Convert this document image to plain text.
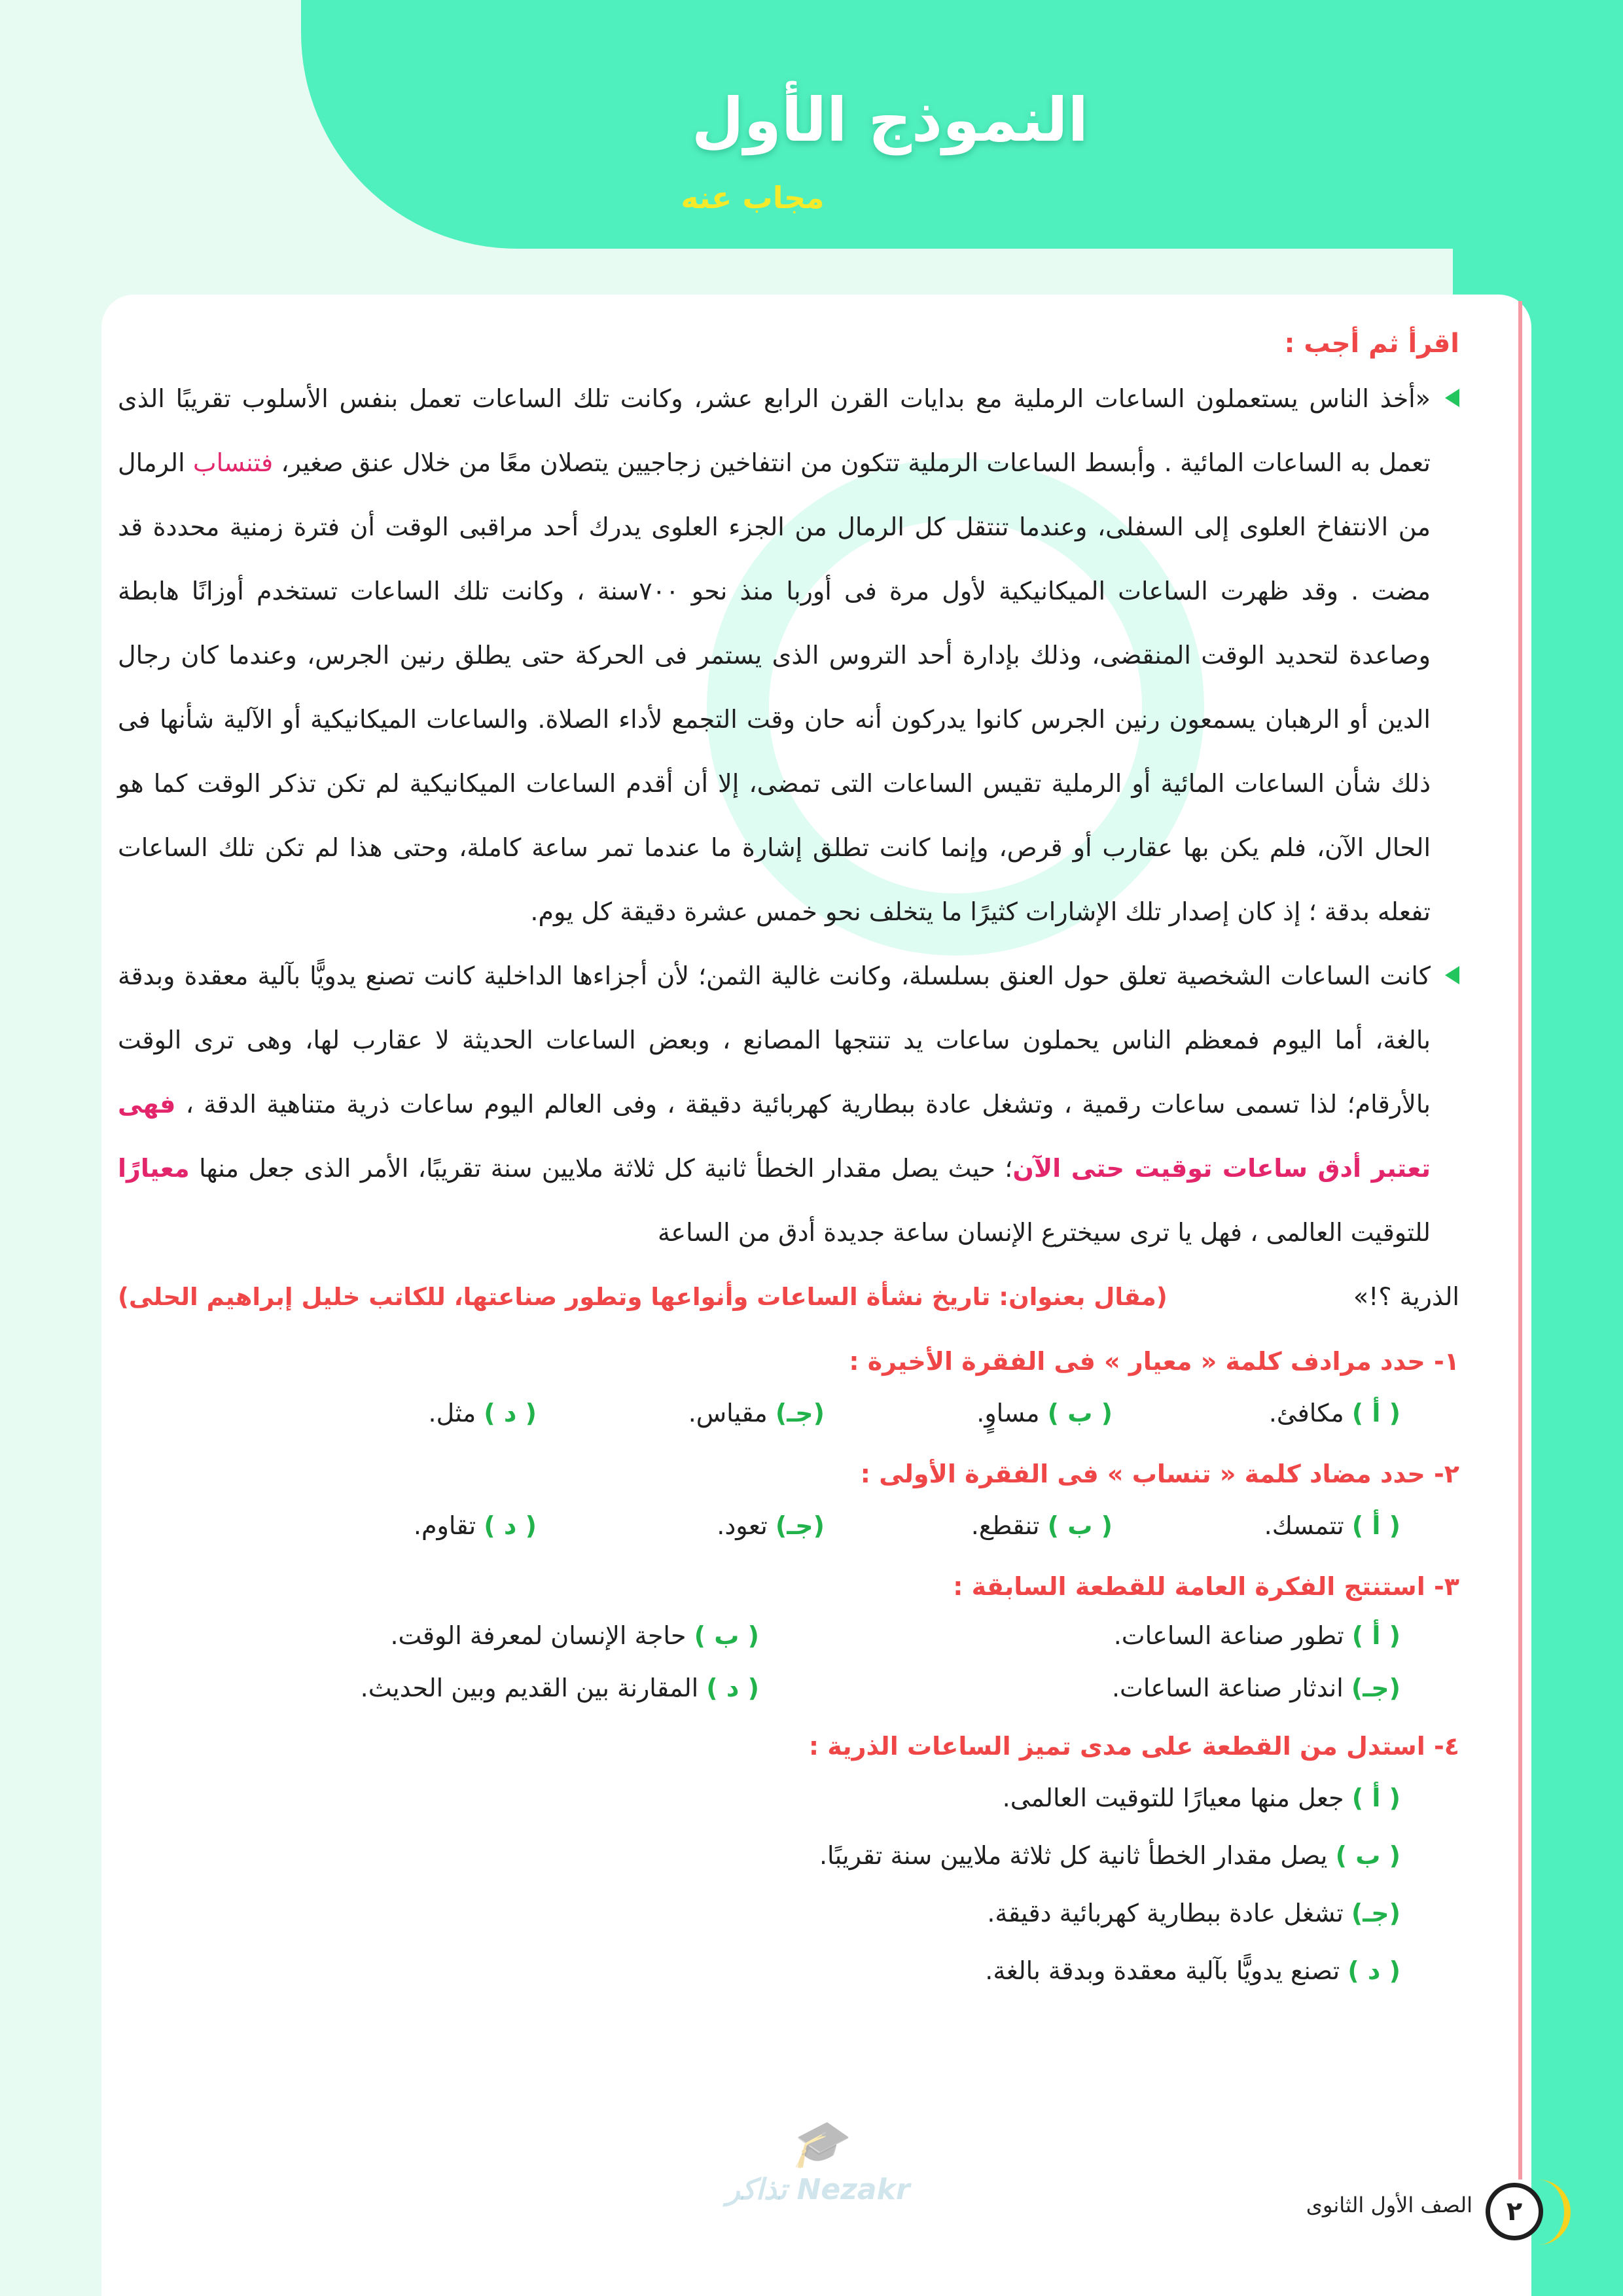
النموذج الأول
مجاب عنه
اقرأ ثم أجب :
«أخذ الناس يستعملون الساعات الرملية مع بدايات القرن الرابع عشر، وكانت تلك الساعات تعمل بنفس الأسلوب تقريبًا الذى تعمل به الساعات المائية . وأبسط الساعات الرملية تتكون من انتفاخين زجاجيين يتصلان معًا من خلال عنق صغير، فتنساب الرمال من الانتفاخ العلوى إلى السفلى، وعندما تنتقل كل الرمال من الجزء العلوى يدرك أحد مراقبى الوقت أن فترة زمنية محددة قد مضت . وقد ظهرت الساعات الميكانيكية لأول مرة فى أوربا منذ نحو ٧٠٠سنة ، وكانت تلك الساعات تستخدم أوزانًا هابطة وصاعدة لتحديد الوقت المنقضى، وذلك بإدارة أحد التروس الذى يستمر فى الحركة حتى يطلق رنين الجرس، وعندما كان رجال الدين أو الرهبان يسمعون رنين الجرس كانوا يدركون أنه حان وقت التجمع لأداء الصلاة. والساعات الميكانيكية أو الآلية شأنها فى ذلك شأن الساعات المائية أو الرملية تقيس الساعات التى تمضى، إلا أن أقدم الساعات الميكانيكية لم تكن تذكر الوقت كما هو الحال الآن، فلم يكن بها عقارب أو قرص، وإنما كانت تطلق إشارة ما عندما تمر ساعة كاملة، وحتى هذا لم تكن تلك الساعات تفعله بدقة ؛ إذ كان إصدار تلك الإشارات كثيرًا ما يتخلف نحو خمس عشرة دقيقة كل يوم.
كانت الساعات الشخصية تعلق حول العنق بسلسلة، وكانت غالية الثمن؛ لأن أجزاءها الداخلية كانت تصنع يدويًّا بآلية معقدة وبدقة بالغة، أما اليوم فمعظم الناس يحملون ساعات يد تنتجها المصانع ، وبعض الساعات الحديثة لا عقارب لها، وهى ترى الوقت بالأرقام؛ لذا تسمى ساعات رقمية ، وتشغل عادة ببطارية كهربائية دقيقة ، وفى العالم اليوم ساعات ذرية متناهية الدقة ، فهى تعتبر أدق ساعات توقيت حتى الآن؛ حيث يصل مقدار الخطأ ثانية كل ثلاثة ملايين سنة تقريبًا، الأمر الذى جعل منها معيارًا للتوقيت العالمى ، فهل يا ترى سيخترع الإنسان ساعة جديدة أدق من الساعة
الذرية ؟!»
(مقال بعنوان: تاريخ نشأة الساعات وأنواعها وتطور صناعتها، للكاتب خليل إبراهيم الحلى)
١- حدد مرادف كلمة « معيار » فى الفقرة الأخيرة :
( أ ) مكافئ.
( ب ) مساوٍ.
(جـ) مقياس.
( د ) مثل.
٢- حدد مضاد كلمة « تنساب » فى الفقرة الأولى :
( أ ) تتمسك.
( ب ) تنقطع.
(جـ) تعود.
( د ) تقاوم.
٣- استنتج الفكرة العامة للقطعة السابقة :
( أ ) تطور صناعة الساعات.
( ب ) حاجة الإنسان لمعرفة الوقت.
(جـ) اندثار صناعة الساعات.
( د ) المقارنة بين القديم وبين الحديث.
٤- استدل من القطعة على مدى تميز الساعات الذرية :
( أ ) جعل منها معيارًا للتوقيت العالمى.
( ب ) يصل مقدار الخطأ ثانية كل ثلاثة ملايين سنة تقريبًا.
(جـ) تشغل عادة ببطارية كهربائية دقيقة.
( د ) تصنع يدويًّا بآلية معقدة وبدقة بالغة.
🎓
Nezakr تذاكر	الصف الأول الثانوى	٢
